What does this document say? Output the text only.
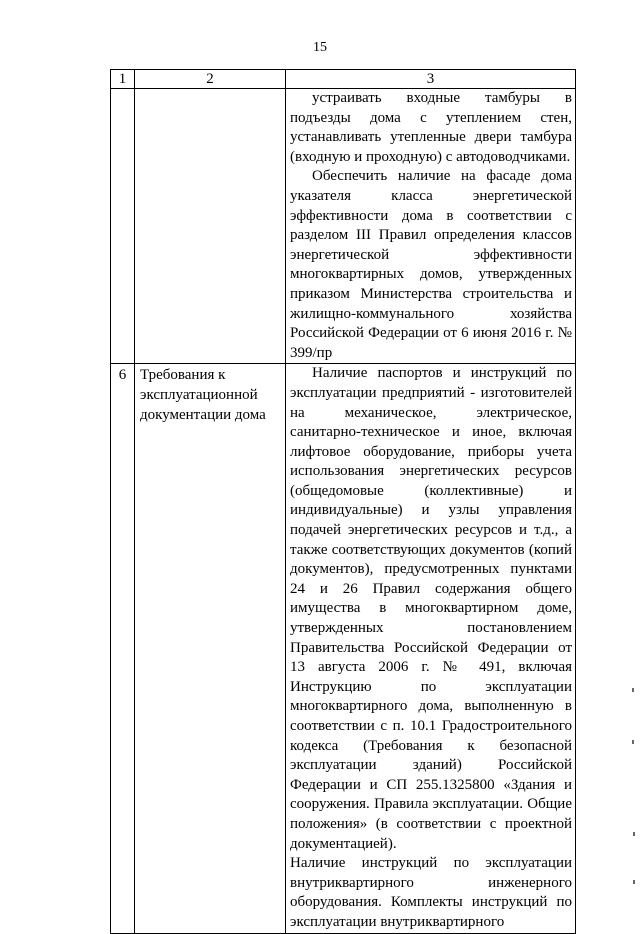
15
1	2	3

		устраивать входные тамбуры в подъезды дома с утеплением стен, устанавливать утепленные двери тамбура (входную и проходную) с автодоводчиками.

Обеспечить наличие на фасаде дома указателя класса энергетической эффективности дома в соответствии с разделом III Правил определения классов энергетической эффективности многоквартирных домов, утвержденных приказом Министерства строительства и жилищно-коммунального хозяйства Российской Федерации от 6 июня 2016 г. № 399/пр

6	Требования к эксплуатационной документации дома	Наличие паспортов и инструкций по эксплуатации предприятий - изготовителей на механическое, электрическое, санитарно-техническое и иное, включая лифтовое оборудование, приборы учета использования энергетических ресурсов (общедомовые (коллективные) и индивидуальные) и узлы управления подачей энергетических ресурсов и т.д., а также соответствующих документов (копий документов), предусмотренных пунктами 24 и 26 Правил содержания общего имущества в многоквартирном доме, утвержденных постановлением Правительства Российской Федерации от 13 августа 2006 г. № 491, включая Инструкцию по эксплуатации многоквартирного дома, выполненную в соответствии с п. 10.1 Градостроительного кодекса (Требования к безопасной эксплуатации зданий) Российской Федерации и СП 255.1325800 «Здания и сооружения. Правила эксплуатации. Общие положения» (в соответствии с проектной документацией).

Наличие инструкций по эксплуатации внутриквартирного инженерного оборудования. Комплекты инструкций по эксплуатации внутриквартирного
